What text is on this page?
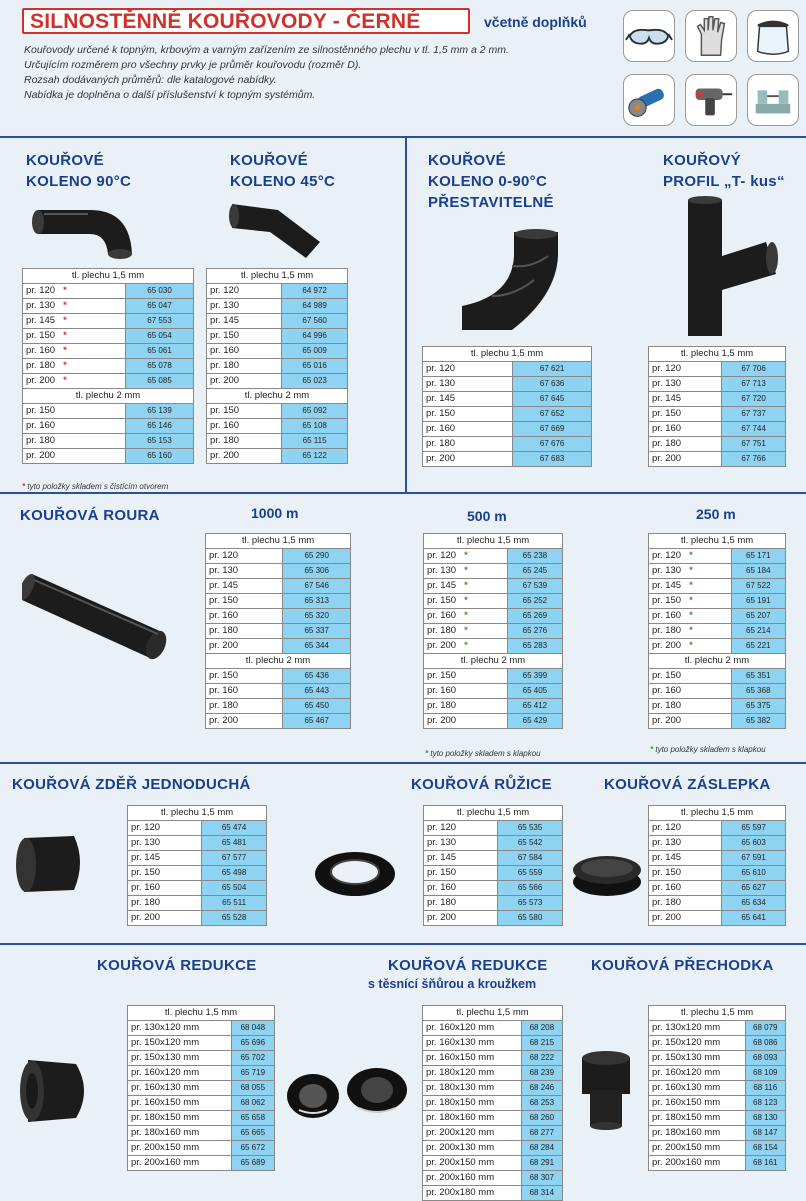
SILNOSTĚNNÉ KOUŘOVODY - ČERNÉ	včetně doplňků
Kouřovody určené k topným, krbovým a varným zařízením ze silnostěnného plechu v tl. 1,5 mm a 2 mm.
Určujícím rozměrem pro všechny prvky je průměr kouřovodu (rozměr D).
Rozsah dodávaných průměrů: dle katalogové nabídky.
Nabídka je doplněna o další příslušenství k topným systémům.
KOUŘOVÉ
KOLENO 90°C
tl. plechu 1,5 mm	
pr. 120 *	65 030
pr. 130 *	65 047
pr. 145 *	67 553
pr. 150 *	65 054
pr. 160 *	65 061
pr. 180 *	65 078
pr. 200 *	65 085
tl. plechu 2 mm	
pr. 150	65 139
pr. 160	65 146
pr. 180	65 153
pr. 200	65 160
* tyto položky skladem s čistícím otvorem
KOUŘOVÉ
KOLENO 45°C
tl. plechu 1,5 mm	
pr. 120	64 972
pr. 130	64 989
pr. 145	67 560
pr. 150	64 996
pr. 160	65 009
pr. 180	65 016
pr. 200	65 023
tl. plechu 2 mm	
pr. 150	65 092
pr. 160	65 108
pr. 180	65 115
pr. 200	65 122
KOUŘOVÉ
KOLENO 0-90°C
PŘESTAVITELNÉ
tl. plechu 1,5 mm	
pr. 120	67 621
pr. 130	67 636
pr. 145	67 645
pr. 150	67 652
pr. 160	67 669
pr. 180	67 676
pr. 200	67 683
KOUŘOVÝ
PROFIL „T- kus“
tl. plechu 1,5 mm	
pr. 120	67 706
pr. 130	67 713
pr. 145	67 720
pr. 150	67 737
pr. 160	67 744
pr. 180	67 751
pr. 200	67 766
KOUŘOVÁ ROURA	1000 m	500 m	250 m
tl. plechu 1,5 mm	
pr. 120	65 290
pr. 130	65 306
pr. 145	67 546
pr. 150	65 313
pr. 160	65 320
pr. 180	65 337
pr. 200	65 344
tl. plechu 2 mm	
pr. 150	65 436
pr. 160	65 443
pr. 180	65 450
pr. 200	65 467
tl. plechu 1,5 mm	
pr. 120 *	65 238
pr. 130 *	65 245
pr. 145 *	67 539
pr. 150 *	65 252
pr. 160 *	65 269
pr. 180 *	65 276
pr. 200 *	65 283
tl. plechu 2 mm	
pr. 150	65 399
pr. 160	65 405
pr. 180	65 412
pr. 200	65 429
* tyto položky skladem s klapkou
tl. plechu 1,5 mm	
pr. 120 *	65 171
pr. 130 *	65 184
pr. 145 *	67 522
pr. 150 *	65 191
pr. 160 *	65 207
pr. 180 *	65 214
pr. 200 *	65 221
tl. plechu 2 mm	
pr. 150	65 351
pr. 160	65 368
pr. 180	65 375
pr. 200	65 382
* tyto položky skladem s klapkou
KOUŘOVÁ ZDĚŘ JEDNODUCHÁ
tl. plechu 1,5 mm	
pr. 120	65 474
pr. 130	65 481
pr. 145	67 577
pr. 150	65 498
pr. 160	65 504
pr. 180	65 511
pr. 200	65 528
KOUŘOVÁ RŮŽICE
tl. plechu 1,5 mm	
pr. 120	65 535
pr. 130	65 542
pr. 145	67 584
pr. 150	65 559
pr. 160	65 566
pr. 180	65 573
pr. 200	65 580
KOUŘOVÁ ZÁSLEPKA
tl. plechu 1,5 mm	
pr. 120	65 597
pr. 130	65 603
pr. 145	67 591
pr. 150	65 610
pr. 160	65 627
pr. 180	65 634
pr. 200	65 641
KOUŘOVÁ REDUKCE
tl. plechu 1,5 mm	
pr. 130x120 mm	68 048
pr. 150x120 mm	65 696
pr. 150x130 mm	65 702
pr. 160x120 mm	65 719
pr. 160x130 mm	68 055
pr. 160x150 mm	68 062
pr. 180x150 mm	65 658
pr. 180x160 mm	65 665
pr. 200x150 mm	65 672
pr. 200x160 mm	65 689
KOUŘOVÁ REDUKCE
s těsnící šňůrou a kroužkem
tl. plechu 1,5 mm	
pr. 160x120 mm	68 208
pr. 160x130 mm	68 215
pr. 160x150 mm	68 222
pr. 180x120 mm	68 239
pr. 180x130 mm	68 246
pr. 180x150 mm	68 253
pr. 180x160 mm	68 260
pr. 200x120 mm	68 277
pr. 200x130 mm	68 284
pr. 200x150 mm	68 291
pr. 200x160 mm	68 307
pr. 200x180 mm	68 314
KOUŘOVÁ PŘECHODKA
tl. plechu 1,5 mm	
pr. 130x120 mm	68 079
pr. 150x120 mm	68 086
pr. 150x130 mm	68 093
pr. 160x120 mm	68 109
pr. 160x130 mm	68 116
pr. 160x150 mm	68 123
pr. 180x150 mm	68 130
pr. 180x160 mm	68 147
pr. 200x150 mm	68 154
pr. 200x160 mm	68 161
